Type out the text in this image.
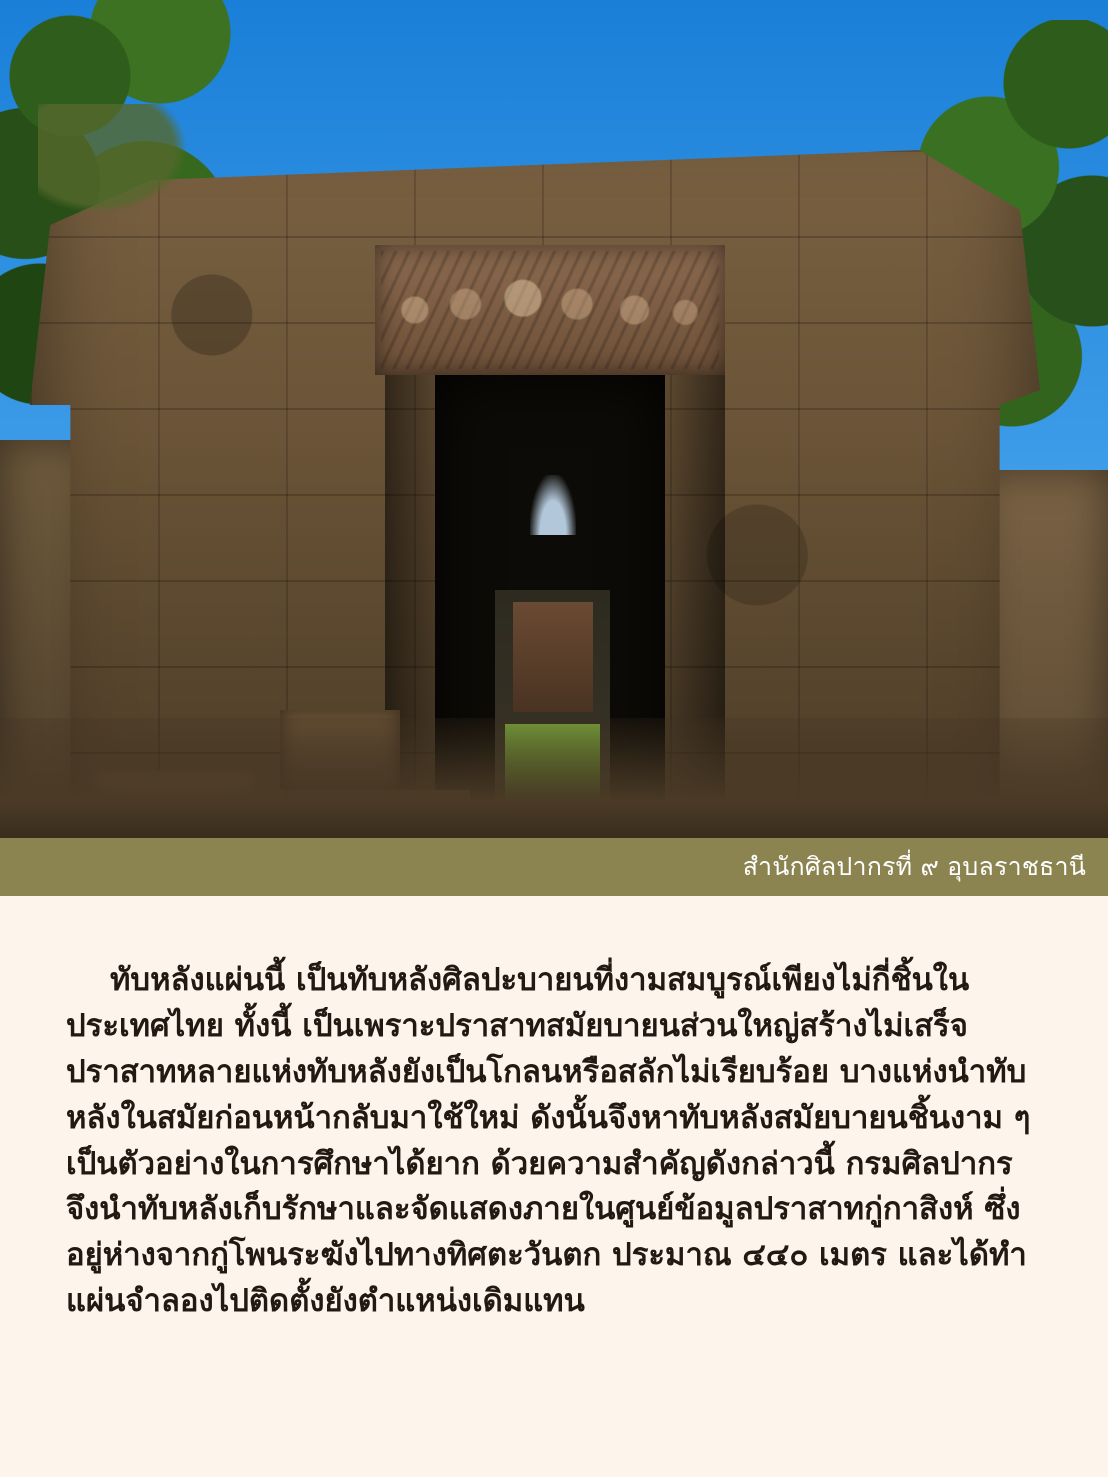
สำนักศิลปากรที่ ๙ อุบลราชธานี

ทับหลังแผ่นนี้ เป็นทับหลังศิลปะบายนที่งามสมบูรณ์เพียงไม่กี่ชิ้นในประเทศไทย ทั้งนี้ เป็นเพราะปราสาทสมัยบายนส่วนใหญ่สร้างไม่เสร็จ ปราสาทหลายแห่งทับหลังยังเป็นโกลนหรือสลักไม่เรียบร้อย บางแห่งนำทับหลังในสมัยก่อนหน้ากลับมาใช้ใหม่ ดังนั้นจึงหาทับหลังสมัยบายนชิ้นงาม ๆ เป็นตัวอย่างในการศึกษาได้ยาก ด้วยความสำคัญดังกล่าวนี้ กรมศิลปากรจึงนำทับหลังเก็บรักษาและจัดแสดงภายในศูนย์ข้อมูลปราสาทกู่กาสิงห์ ซึ่งอยู่ห่างจากกู่โพนระฆังไปทางทิศตะวันตก ประมาณ ๔๔๐ เมตร และได้ทำแผ่นจำลองไปติดตั้งยังตำแหน่งเดิมแทน
